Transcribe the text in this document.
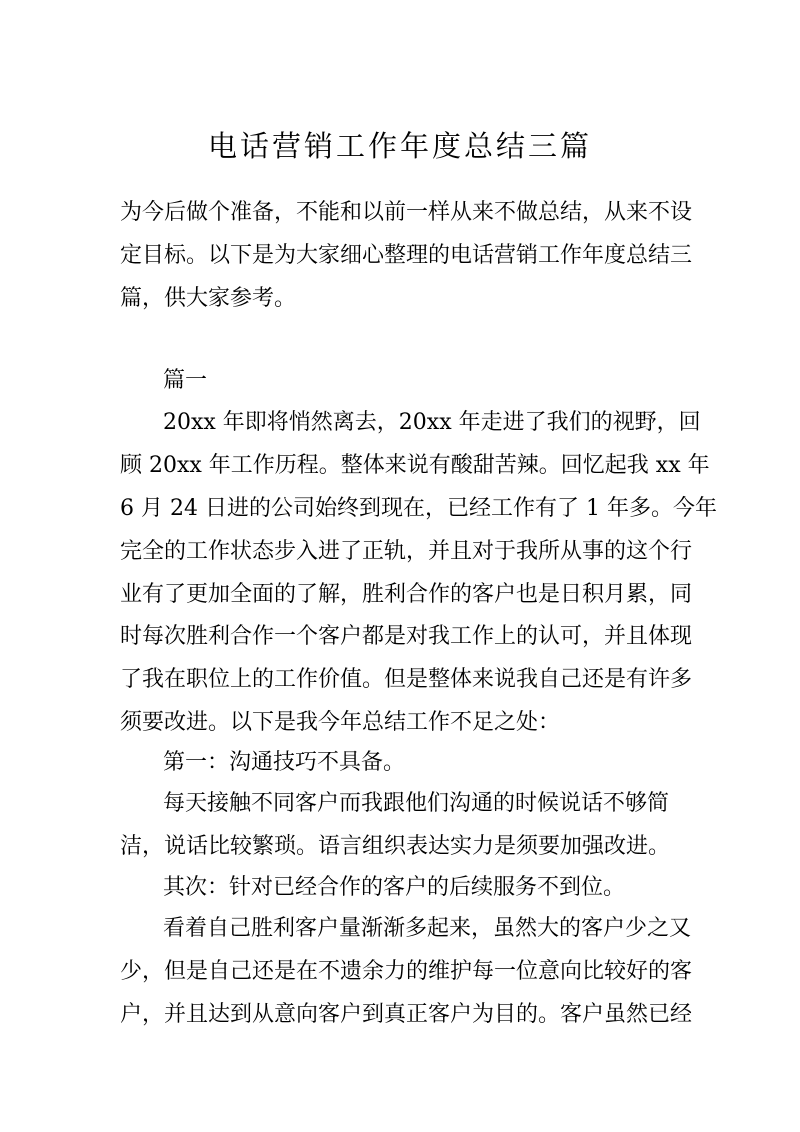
电话营销工作年度总结三篇
为今后做个准备，不能和以前一样从来不做总结，从来不设
定目标。以下是为大家细心整理的电话营销工作年度总结三
篇，供大家参考。
篇一
20xx 年即将悄然离去，20xx 年走进了我们的视野，回
顾 20xx 年工作历程。整体来说有酸甜苦辣。回忆起我 xx 年
6 月 24 日进的公司始终到现在，已经工作有了 1 年多。今年
完全的工作状态步入进了正轨，并且对于我所从事的这个行
业有了更加全面的了解，胜利合作的客户也是日积月累，同
时每次胜利合作一个客户都是对我工作上的认可，并且体现
了我在职位上的工作价值。但是整体来说我自己还是有许多
须要改进。以下是我今年总结工作不足之处：
第一：沟通技巧不具备。
每天接触不同客户而我跟他们沟通的时候说话不够简
洁，说话比较繁琐。语言组织表达实力是须要加强改进。
其次：针对已经合作的客户的后续服务不到位。
看着自己胜利客户量渐渐多起来，虽然大的客户少之又
少，但是自己还是在不遗余力的维护每一位意向比较好的客
户，并且达到从意向客户到真正客户为目的。客户虽然已经
